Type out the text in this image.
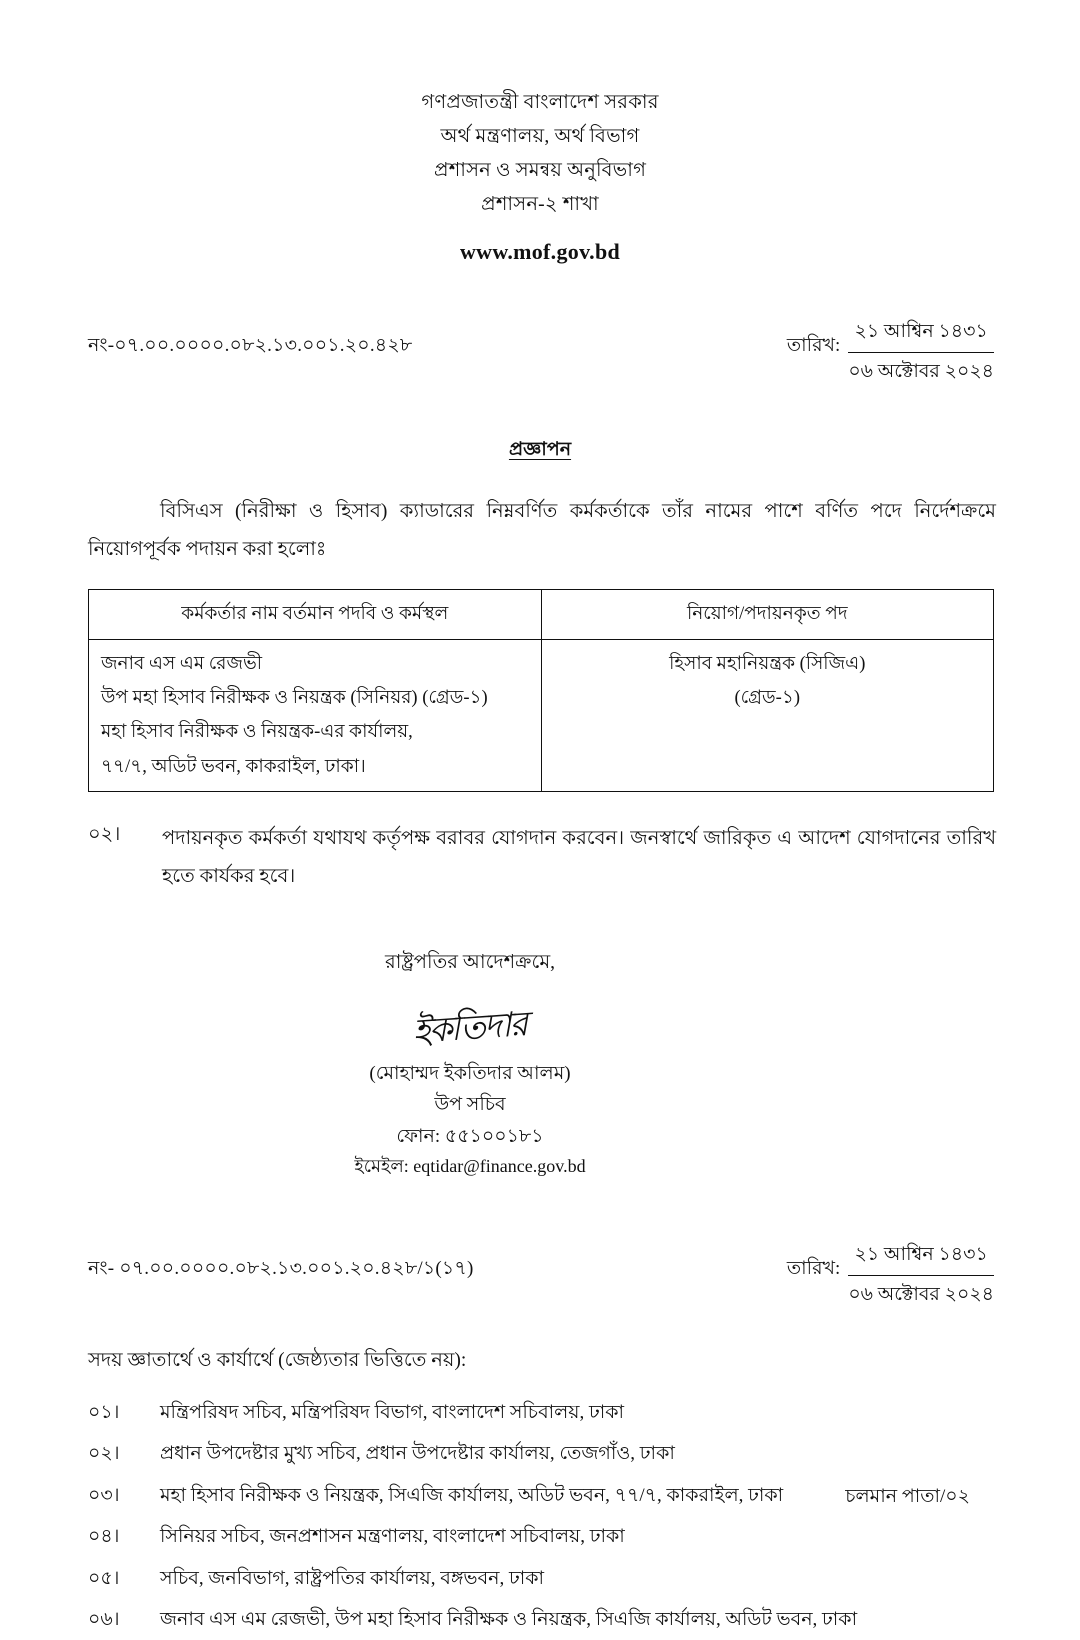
গণপ্রজাতন্ত্রী বাংলাদেশ সরকার
অর্থ মন্ত্রণালয়, অর্থ বিভাগ
প্রশাসন ও সমন্বয় অনুবিভাগ
প্রশাসন-২ শাখা
www.mof.gov.bd
নং-০৭.০০.০০০০.০৮২.১৩.০০১.২০.৪২৮	তারিখ:
২১ আশ্বিন ১৪৩১
০৬ অক্টোবর ২০২৪
প্রজ্ঞাপন
বিসিএস (নিরীক্ষা ও হিসাব) ক্যাডারের নিম্নবর্ণিত কর্মকর্তাকে তাঁর নামের পাশে বর্ণিত পদে নির্দেশক্রমে নিয়োগপূর্বক পদায়ন করা হলোঃ
কর্মকর্তার নাম বর্তমান পদবি ও কর্মস্থল	নিয়োগ/পদায়নকৃত পদ

জনাব এস এম রেজভী
উপ মহা হিসাব নিরীক্ষক ও নিয়ন্ত্রক (সিনিয়র) (গ্রেড-১)
মহা হিসাব নিরীক্ষক ও নিয়ন্ত্রক-এর কার্যালয়,
৭৭/৭, অডিট ভবন, কাকরাইল, ঢাকা।

হিসাব মহানিয়ন্ত্রক (সিজিএ)
(গ্রেড-১)
০২।	পদায়নকৃত কর্মকর্তা যথাযথ কর্তৃপক্ষ বরাবর যোগদান করবেন। জনস্বার্থে জারিকৃত এ আদেশ যোগদানের তারিখ হতে কার্যকর হবে।
রাষ্ট্রপতির আদেশক্রমে,
ইকতিদার
(মোহাম্মদ ইকতিদার আলম)
উপ সচিব
ফোন: ৫৫১০০১৮১
ইমেইল: eqtidar@finance.gov.bd
নং- ০৭.০০.০০০০.০৮২.১৩.০০১.২০.৪২৮/১(১৭)	তারিখ:
২১ আশ্বিন ১৪৩১
০৬ অক্টোবর ২০২৪
সদয় জ্ঞাতার্থে ও কার্যার্থে (জেষ্ঠ্যতার ভিত্তিতে নয়):
০১।	মন্ত্রিপরিষদ সচিব, মন্ত্রিপরিষদ বিভাগ, বাংলাদেশ সচিবালয়, ঢাকা
০২।	প্রধান উপদেষ্টার মুখ্য সচিব, প্রধান উপদেষ্টার কার্যালয়, তেজগাঁও, ঢাকা
০৩।	মহা হিসাব নিরীক্ষক ও নিয়ন্ত্রক, সিএজি কার্যালয়, অডিট ভবন, ৭৭/৭, কাকরাইল, ঢাকা
০৪।	সিনিয়র সচিব, জনপ্রশাসন মন্ত্রণালয়, বাংলাদেশ সচিবালয়, ঢাকা
০৫।	সচিব, জনবিভাগ, রাষ্ট্রপতির কার্যালয়, বঙ্গভবন, ঢাকা
০৬।	জনাব এস এম রেজভী, উপ মহা হিসাব নিরীক্ষক ও নিয়ন্ত্রক, সিএজি কার্যালয়, অডিট ভবন, ঢাকা
চলমান পাতা/০২
